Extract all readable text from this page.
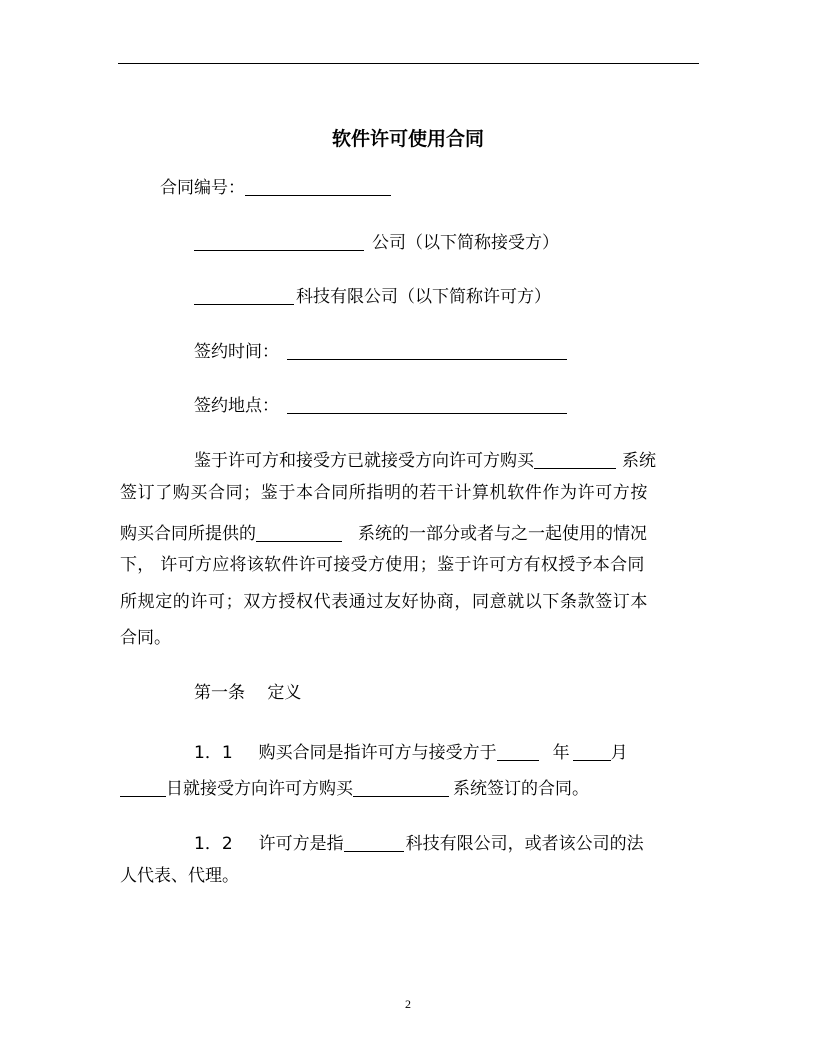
软件许可使用合同
合同编号：
公司（以下简称接受方）
科技有限公司（以下简称许可方）
签约时间：
签约地点：
鉴于许可方和接受方已就接受方向许可方购买	系统
签订了购买合同；鉴于本合同所指明的若干计算机软件作为许可方按
购买合同所提供的	系统的一部分或者与之一起使用的情况
下， 许可方应将该软件许可接受方使用；鉴于许可方有权授予本合同
所规定的许可；双方授权代表通过友好协商，同意就以下条款签订本
合同。
第一条　 定义
1．1 购买合同是指许可方与接受方于	年 月
日就接受方向许可方购买	系统签订的合同。
1．2 许可方是指	科技有限公司，或者该公司的法
人代表、代理。
2
